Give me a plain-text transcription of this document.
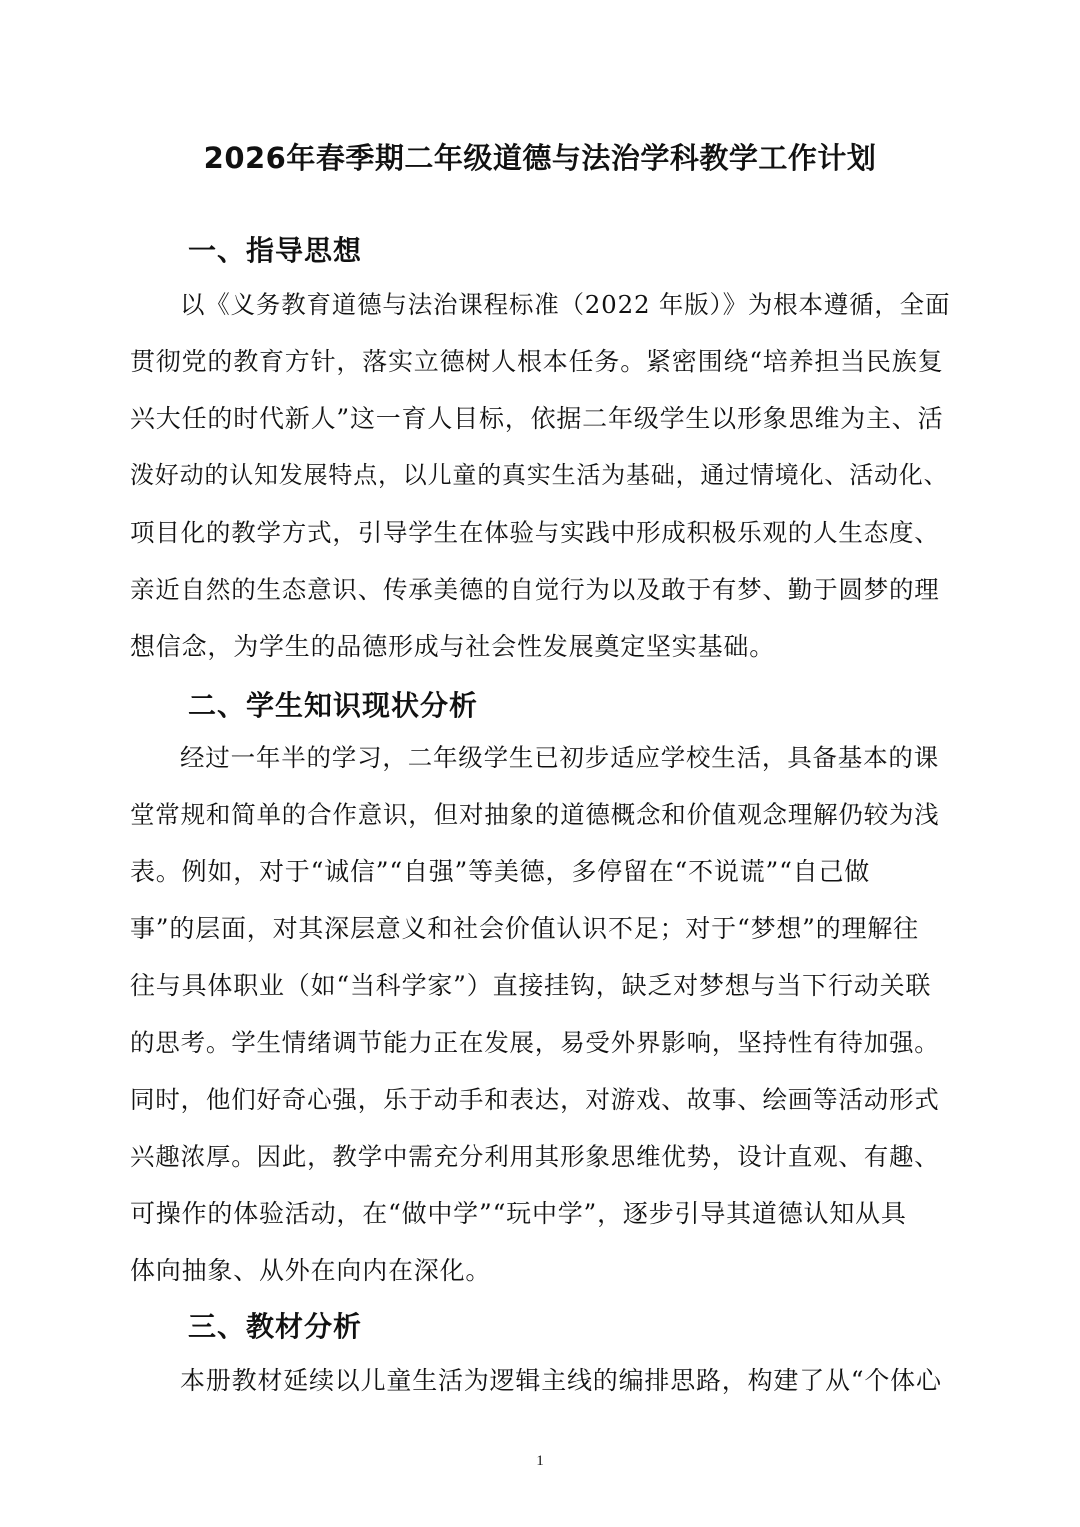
2026年春季期二年级道德与法治学科教学工作计划
一、指导思想
以《义务教育道德与法治课程标准（2022 年版）》为根本遵循，全面
贯彻党的教育方针，落实立德树人根本任务。紧密围绕“培养担当民族复
兴大任的时代新人”这一育人目标，依据二年级学生以形象思维为主、活
泼好动的认知发展特点，以儿童的真实生活为基础，通过情境化、活动化、
项目化的教学方式，引导学生在体验与实践中形成积极乐观的人生态度、
亲近自然的生态意识、传承美德的自觉行为以及敢于有梦、勤于圆梦的理
想信念，为学生的品德形成与社会性发展奠定坚实基础。
二、学生知识现状分析
经过一年半的学习，二年级学生已初步适应学校生活，具备基本的课
堂常规和简单的合作意识，但对抽象的道德概念和价值观念理解仍较为浅
表。例如，对于“诚信”“自强”等美德，多停留在“不说谎”“自己做
事”的层面，对其深层意义和社会价值认识不足；对于“梦想”的理解往
往与具体职业（如“当科学家”）直接挂钩，缺乏对梦想与当下行动关联
的思考。学生情绪调节能力正在发展，易受外界影响，坚持性有待加强。
同时，他们好奇心强，乐于动手和表达，对游戏、故事、绘画等活动形式
兴趣浓厚。因此，教学中需充分利用其形象思维优势，设计直观、有趣、
可操作的体验活动，在“做中学”“玩中学”，逐步引导其道德认知从具
体向抽象、从外在向内在深化。
三、教材分析
本册教材延续以儿童生活为逻辑主线的编排思路，构建了从“个体心
1
